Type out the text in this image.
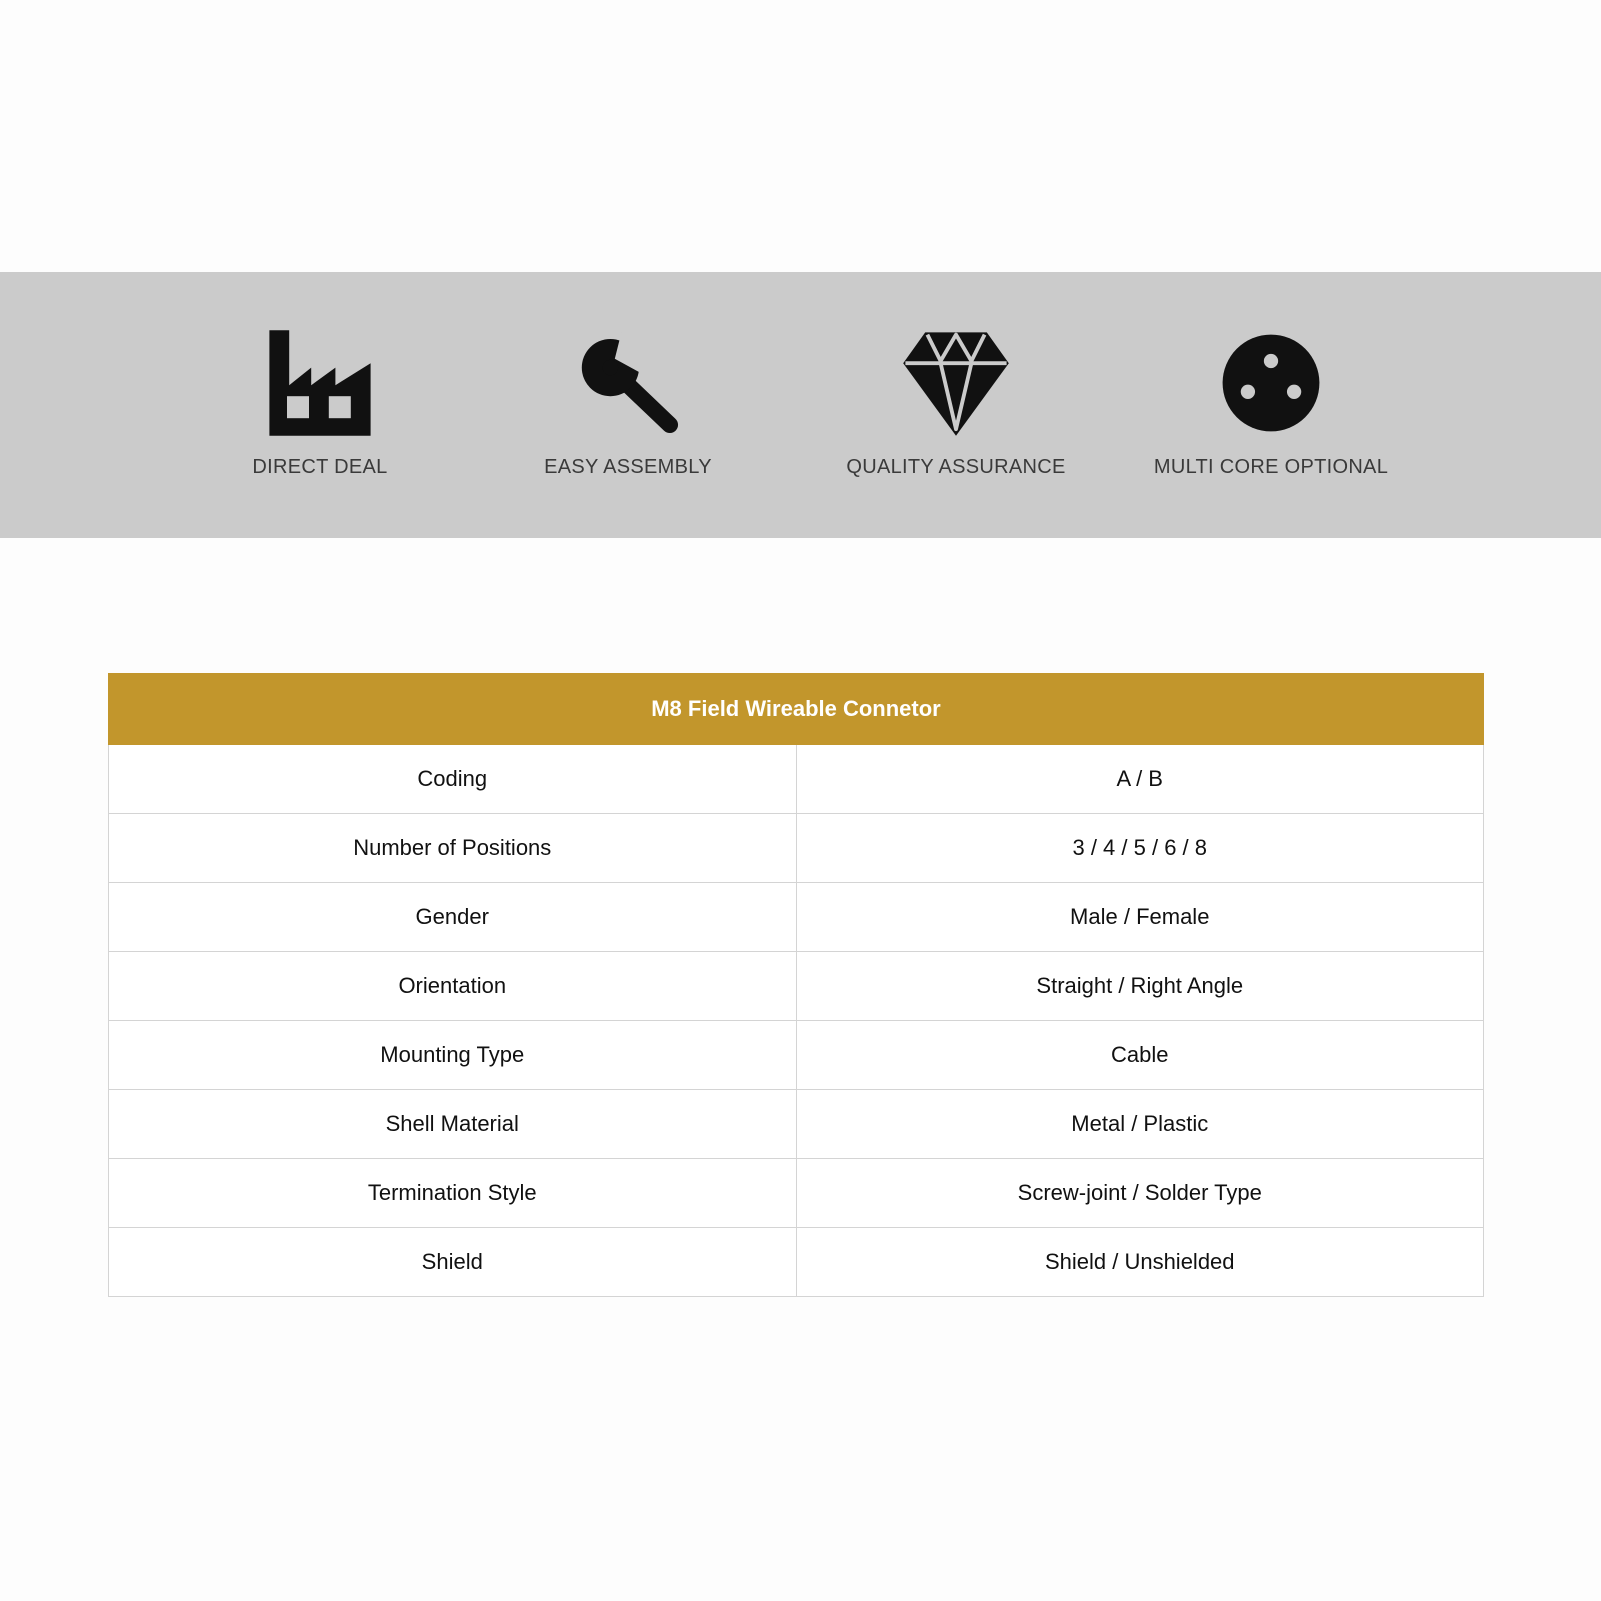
DIRECT DEAL	EASY ASSEMBLY	QUALITY ASSURANCE	MULTI CORE OPTIONAL
M8 Field Wireable Connetor	
Coding	A / B
Number of Positions	3 / 4 / 5 / 6 / 8
Gender	Male / Female
Orientation	Straight / Right Angle
Mounting Type	Cable
Shell Material	Metal / Plastic
Termination Style	Screw-joint / Solder Type
Shield	Shield / Unshielded
